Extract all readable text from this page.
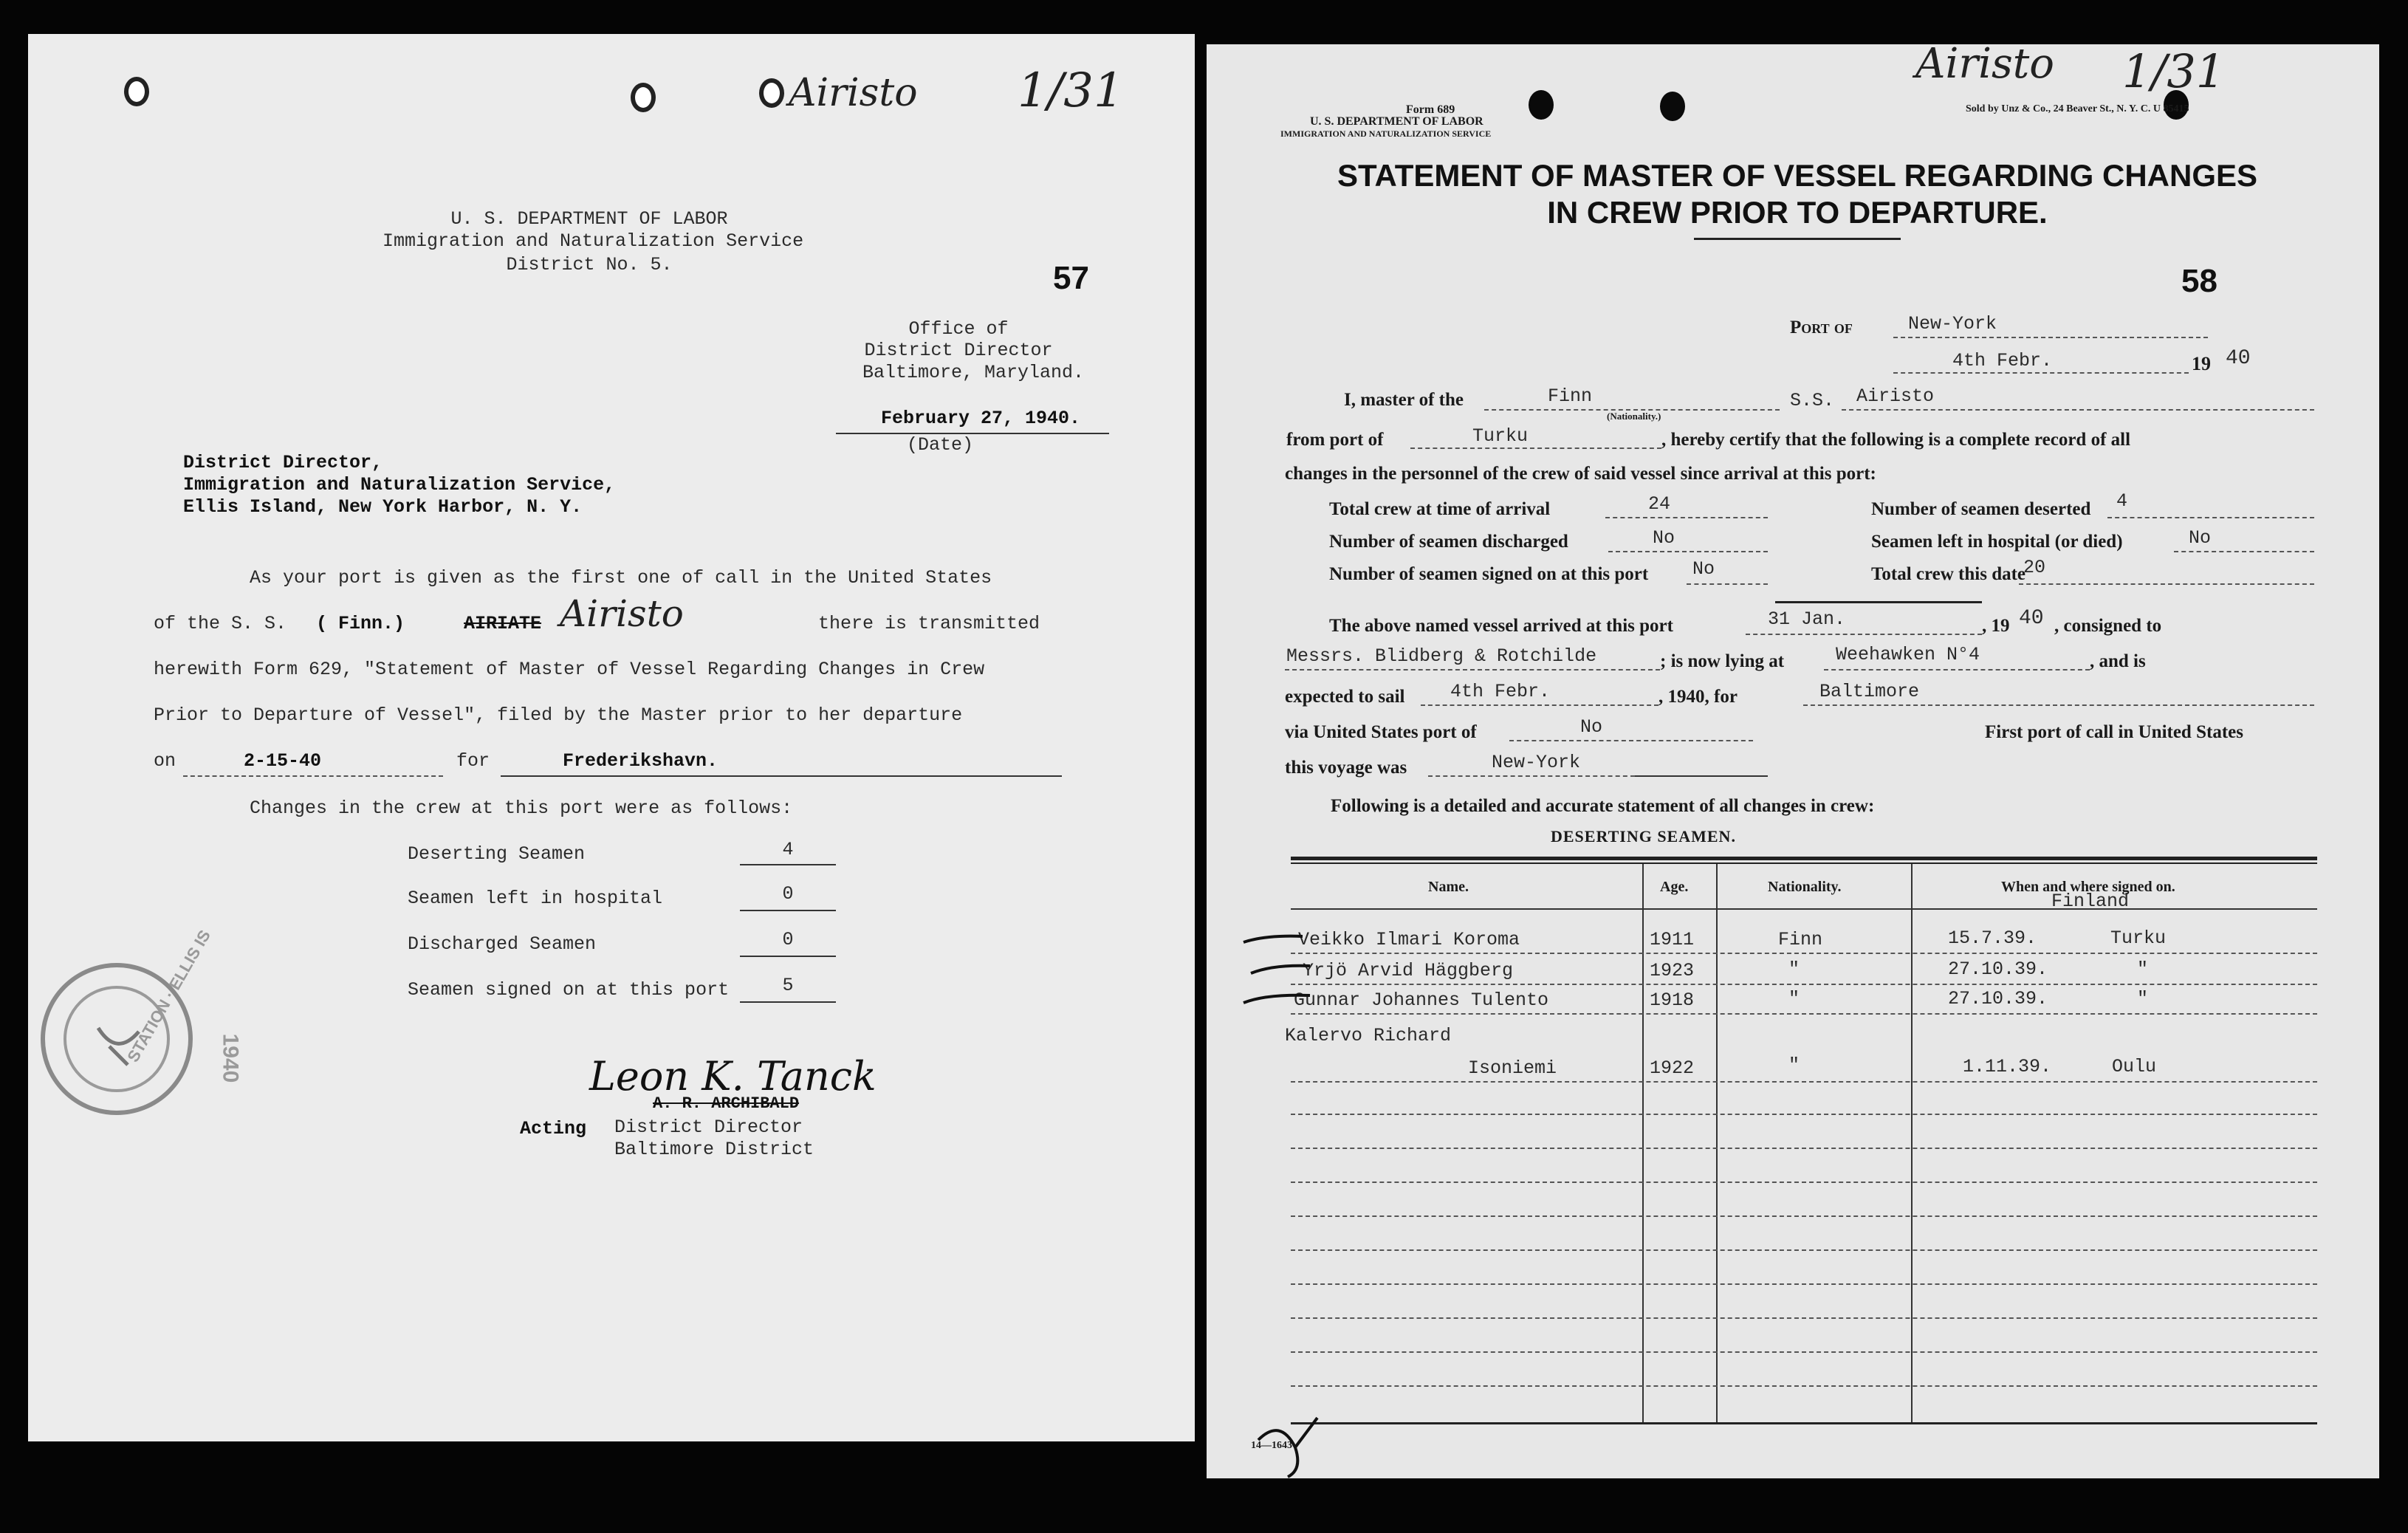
Airisto 1/31
U. S. DEPARTMENT OF LABOR
Immigration and Naturalization Service
District No. 5.	57
Office of
District Director
Baltimore, Maryland.
February 27, 1940.
(Date)
District Director,
Immigration and Naturalization Service,
Ellis Island, New York Harbor, N. Y.
As your port is given as the first one of call in the United States
of the S. S. ( Finn.)	AIRIATE Airisto	there is transmitted
herewith Form 629, "Statement of Master of Vessel Regarding Changes in Crew
Prior to Departure of Vessel", filed by the Master prior to her departure
on	2-15-40	for	Frederikshavn.
Changes in the crew at this port were as follows:
Deserting Seamen	4
Seamen left in hospital	0
Discharged Seamen	0
Seamen signed on at this port	5
STATION · ELLIS IS 1940	Leon K. Tanck
A. R. ARCHIBALD
Acting District Director
Baltimore District
Airisto 1/31
Form 689
U. S. DEPARTMENT OF LABOR
IMMIGRATION AND NATURALIZATION SERVICE
Sold by Unz & Co., 24 Beaver St., N. Y. C. U 85415
STATEMENT OF MASTER OF VESSEL REGARDING CHANGES
IN CREW PRIOR TO DEPARTURE.
58
Port of	New-York
4th Febr.	19 40
I, master of the	Finn
(Nationality.)
S.S. Airisto
from port of	Turku	, hereby certify that the following is a complete record of all
changes in the personnel of the crew of said vessel since arrival at this port:
Total crew at time of arrival	24	Number of seamen deserted 4
Number of seamen discharged	No	Seamen left in hospital (or died)	No
Number of seamen signed on at this port No	Total crew this date
20
The above named vessel arrived at this port	31 Jan.	, 19 40 , consigned to
Messrs. Blidberg & Rotchilde	; is now lying at	Weehawken N°4	, and is
expected to sail 4th Febr.	, 1940, for	Baltimore
via United States port of	No	First port of call in United States
this voyage was	New-York
Following is a detailed and accurate statement of all changes in crew:
DESERTING SEAMEN.
Name.	Age.	Nationality.	When and where signed on.
Finland
Veikko Ilmari Koroma	1911	Finn	15.7.39.	Turku
Yrjö Arvid Häggberg	1923	"	27.10.39.	"
Gunnar Johannes Tulento	1918	"	27.10.39.	"
Kalervo Richard
Isoniemi	1922	"	1.11.39.	Oulu
14—1643
